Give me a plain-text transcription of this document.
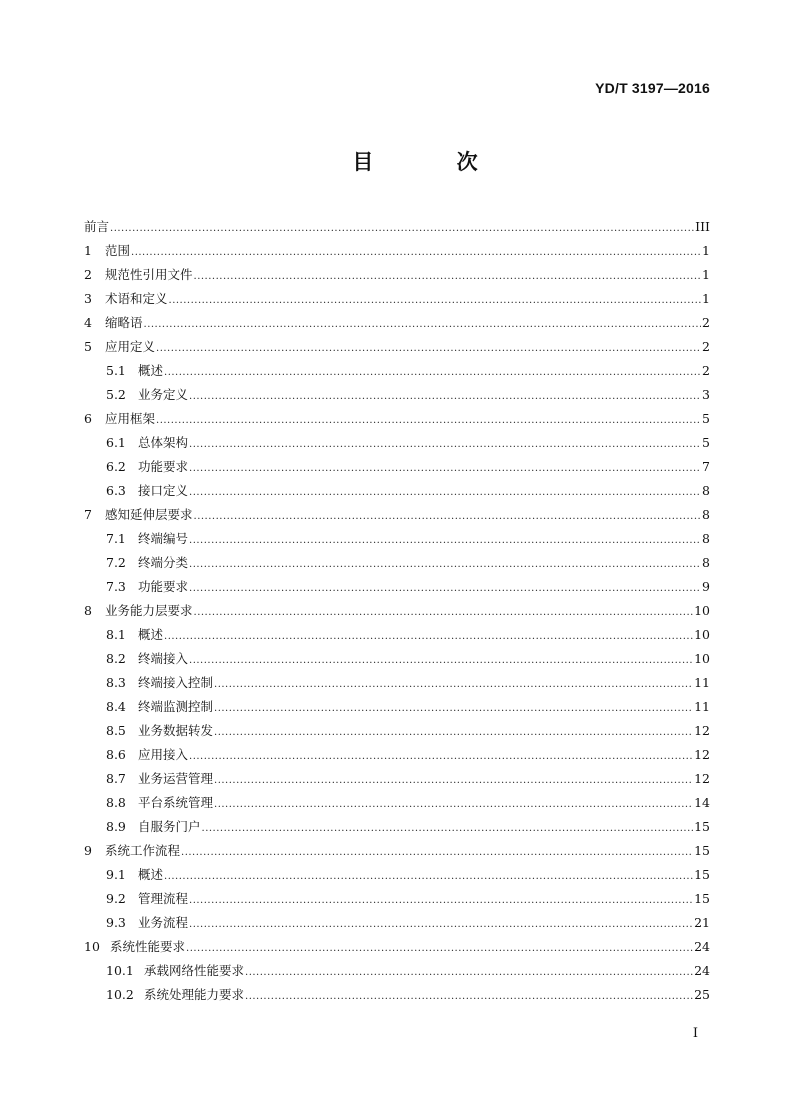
YD/T 3197—2016
目 次
前言 .....	III
1	范围 .....	1
2	规范性引用文件 .....	1
3	术语和定义 .....	1
4	缩略语 .....	2
5	应用定义 .....	2
5.1 概述 .....	2
5.2 业务定义 .....	3
6	应用框架 .....	5
6.1 总体架构 .....	5
6.2 功能要求 .....	7
6.3 接口定义 .....	8
7	感知延伸层要求 .....	8
7.1 终端编号 .....	8
7.2 终端分类 .....	8
7.3 功能要求 .....	9
8	业务能力层要求 .....	10
8.1 概述 .....	10
8.2 终端接入 .....	10
8.3 终端接入控制 .....	11
8.4 终端监测控制 .....	11
8.5 业务数据转发 .....	12
8.6 应用接入 .....	12
8.7 业务运营管理 .....	12
8.8 平台系统管理 .....	14
8.9 自服务门户 .....	15
9	系统工作流程 .....	15
9.1 概述 .....	15
9.2 管理流程 .....	15
9.3 业务流程 .....	21
10 系统性能要求 .....	24
10.1 承载网络性能要求 .....	24
10.2 系统处理能力要求 .....	25
I
